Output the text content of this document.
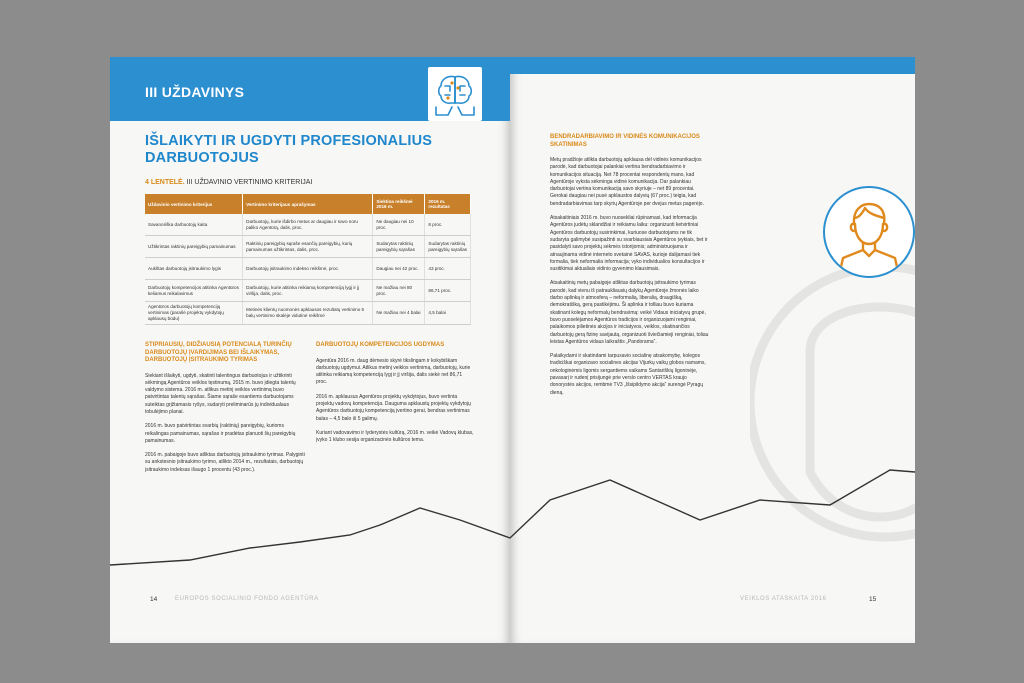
III UŽDAVINYS
IŠLAIKYTI IR UGDYTI PROFESIONALIUS DARBUOTOJUS
4 LENTELĖ. III UŽDAVINIO VERTINIMO KRITERIJAI
Uždavinio vertinimo kriterijus	Vertinimo kriterijaus aprašymas	Siektina reikšmė 2016 m.	2016 m. rezultatas
Savanoriška darbuotojų kaita	Darbuotojų, kurie išdirbo metus ar daugiau ir savo noru paliko Agentūrą, dalis, proc.	Ne daugiau nei 10 proc.	8 proc.
Užtikrintas raktinių pareigybių pamainumas	Raktinių pareigybių sąraše esančių pareigybių, kurių pamainumas užtikrintas, dalis, proc.	Sudarytas raktinių pareigybių sąrašas	Sudarytas raktinių pareigybių sąrašas
Aukštas darbuotojų įsitraukimo lygis	Darbuotojų įsitraukimo indekso reikšmė, proc.	Daugiau nei 42 proc.	43 proc.
Darbuotojų kompetencijos atitinka Agentūros keliamus reikalavimus	Darbuotojų, kurie atitinka reikiamą kompetenciją lygį ir jį viršija, dalis, proc.	Ne mažiau nei 80 proc.	86,71 proc.
Agentūros darbuotojų kompetencijų vertinimas (parašė projektų vykdytojų apklausų būdu)	Metinės klientų nuomonės apklausos rezultatų vertinimo 5 balų vertinimo skalėje vidutinė reikšmė	Ne mažiau nei 4 balai	4,5 balai
STIPRIAUSIŲ, DIDŽIAUSIĄ POTENCIALĄ TURINČIŲ DARBUOTOJŲ ĮVARDIJIMAS BEI IŠLAIKYMAS, DARBUOTOJŲ ĮSITRAUKIMO TYRIMAS

Siekiant išlaikyti, ugdyti, skatinti talentingus darbuotojus ir užtikrinti sėkmingą Agentūros veiklos tęstinumą, 2015 m. buvo įdiegta talentų valdymo sistema. 2016 m. atlikus metinį veiklos vertinimą buvo patvirtintas talentų sąrašas. Šiame sąraše esantiems darbuotojams suteiktas grįžtamasis ryšys, sudaryti preliminarūs jų individualaus tobulėjimo planai.

2016 m. buvo patvirtintas svarbių (raktinių) pareigybių, kurioms reikalingas pamainumas, sąrašas ir pradėtas planuoti šių pareigybių pamainumas.

2016 m. pabaigoje buvo atliktas darbuotojų įsitraukimo tyrimas. Palyginti su ankstesnio įsitraukimo tyrimo, atlikto 2014 m., rezultatais, darbuotojų įsitraukimo indeksas išaugo 1 procentu (43 proc.).

DARBUOTOJŲ KOMPETENCIJOS UGDYMAS

Agentūra 2016 m. daug dėmesio skyrė tikslingam ir kokybiškam darbuotojų ugdymui. Atlikus metinį veiklos vertinimą, darbuotojų, kurie atitinka reikiamą kompetenciją lygį ir jį viršija, dalis siekė net 86,71 proc.

2016 m. apklausus Agentūros projektų vykdytojus, buvo vertinta projektų vadovų kompetencija. Dauguma apklaustų projektų vykdytojų Agentūros darbuotojų kompetenciją įvertino gerai, bendras vertinimas balas – 4,5 balo iš 5 galimų.

Kuriant vadovavimo ir lyderystės kultūrą, 2016 m. veikė Vadovų klubas, įvyko 1 klubo sesija organizacinės kultūros tema.

BENDRADARBIAVIMO IR VIDINĖS KOMUNIKACIJOS SKATINIMAS

Metų pradžioje atlikta darbuotojų apklausa dėl vidinės komunikacijos parodė, kad darbuotojai palankiai vertina bendradarbiavimo ir komunikacijos situaciją. Net 78 procentai respondentų mano, kad Agentūroje vyksta sėkminga vidinė komunikacija. Dar palankiau darbuotojai vertina komunikaciją savo skyriuje – net 89 procentai. Gerokai daugiau nei pusė apklaustos dalyvių (67 proc.) teigia, kad bendradarbiavimas tarp skyrių Agentūroje per dvejus metus pagerėjo.

Atsakaitiniais 2016 m. buvo nuosekliai rūpinamasi, kad informacija Agentūros judėtų sklandžiai ir reikiamu laiku: organizuoti ketvirtiniai Agentūros darbuotojų susirinkimai, kuriuose darbuotojams ne tik sudaryta galimybė susipažinti su svarbiausiais Agentūros įvykiais, bet ir pasidalyti savo projektų sėkmės istorijomis; administruojama ir atnaujinama vidinė interneto svetainė SAVAS, kurioje dalijamasi tiek formalia, tiek neformalia informacija; vyko individualios konsultacijos ir susitikimai aktualiais vidinio gyvenimo klausimais.

Atsakaitinių metų pabaigoje atliktas darbuotojų įsitraukimo tyrimas parodė, kad vienu iš patraukliausių dalykų Agentūroje žmonės laiko darbo aplinką ir atmosferą – neformalią, liberalią, draugišką, demokratišką, gerą pastikėjimu. Ši aplinka ir tolliau buvo kuriama skatinant kolegų neformalų bendravimą: veikė Vidaus iniciatyvų grupė, buvo puoselėjamos Agentūros tradicijos ir organizuojami renginiai, palaikomos pilietinės akcijos ir iniciatyvos, veiklos, skatinančios darbuotojų gerą fizinę savijautą, organizuoti šviečiamieji renginiai, toliau leistas Agentūros vidaus laikraštis „Pandorama“.

Palaikydami ir skatindami tarpusavio socialinę atsakomybę, kolegos tradiciškai organizavo socialines akcijas Vijurkų vaikų globos namams, onkologinėmis ligomis sergantiems vaikams Santariškių ligoninėje, pavasarį ir rudenį prisijungė prie verslo centro VERTAS kraujo donorystės akcijos, rembmė TV3 „Išsipildymo akcija“ surengė Pyragų dieną.

14	EUROPOS SOCIALINIO FONDO AGENTŪRA	VEIKLOS ATASKAITA 2016	15
